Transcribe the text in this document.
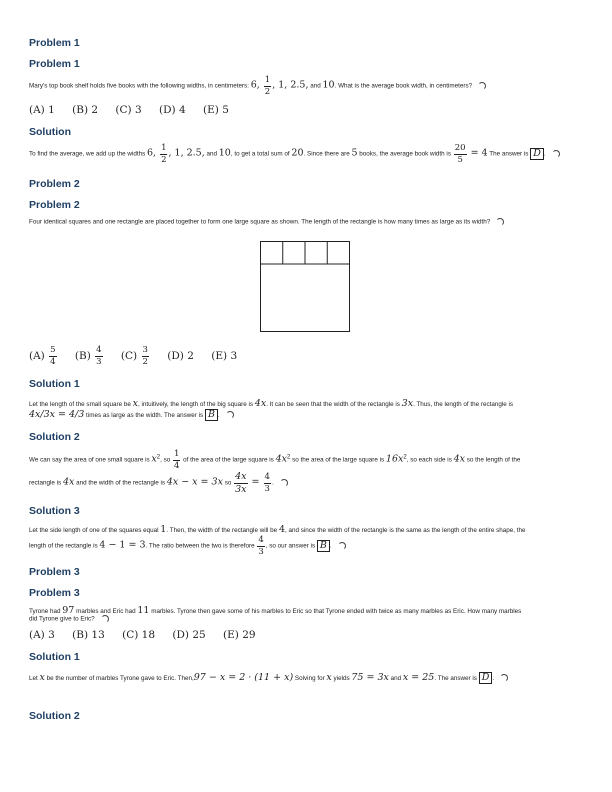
Problem 1
Problem 1
Mary's top book shelf holds five books with the following widths, in centimeters: 6, $\frac{1}{2}$ , 1, 2.5, and 10. What is the average book width, in centimeters?
(A) 1 (B) 2 (C) 3 (D) 4 (E) 5
Solution
To find the average, we add up the widths 6, $\frac{1}{2}$ , 1, 2.5, and 10, to get a total sum of 20. Since there are 5 books, the average book width is $\frac{20}{5} = 4$ The answer is D .
Problem 2
Problem 2
Four identical squares and one rectangle are placed together to form one large square as shown. The length of the rectangle is how many times as large as its width?
$(A) \frac{5}{4} (B) \frac{4}{3} (C) \frac{3}{2} (D)$ 2 (E) 3
Solution 1
Let the length of the small square be x, intuitively, the length of the big square is 4x. It can be seen that the width of the rectangle is 3x. Thus, the length of the rectangle is
4x/3x = 4/3 times as large as the width. The answer is B .
Solution 2
We can say the area of one small square is x2, so $\frac{1}{4}$ of the area of the large square is 4x2 so the area of the large square is 16x2, so each side is 4x so the length of the
rectangle is 4x and the width of the rectangle is 4x − x = 3x so $\frac{4x}{3x} = \frac{4}{3}$ .
Solution 3
Let the side length of one of the squares equal 1. Then, the width of the rectangle will be 4, and since the width of the rectangle is the same as the length of the entire shape, the
length of the rectangle is 4 − 1 = 3. The ratio between the two is therefore $\frac{4}{3}$ , so our answer is B .
Problem 3
Problem 3
Tyrone had 97 marbles and Eric had 11 marbles. Tyrone then gave some of his marbles to Eric so that Tyrone ended with twice as many marbles as Eric. How many marbles
did Tyrone give to Eric?
(A) 3 (B) 13 (C) 18 (D) 25 (E) 29
Solution 1
Let x be the number of marbles Tyrone gave to Eric. Then,97 − x = 2 · (11 + x) Solving for x yields 75 = 3x and x = 25. The answer is D .
Solution 2
